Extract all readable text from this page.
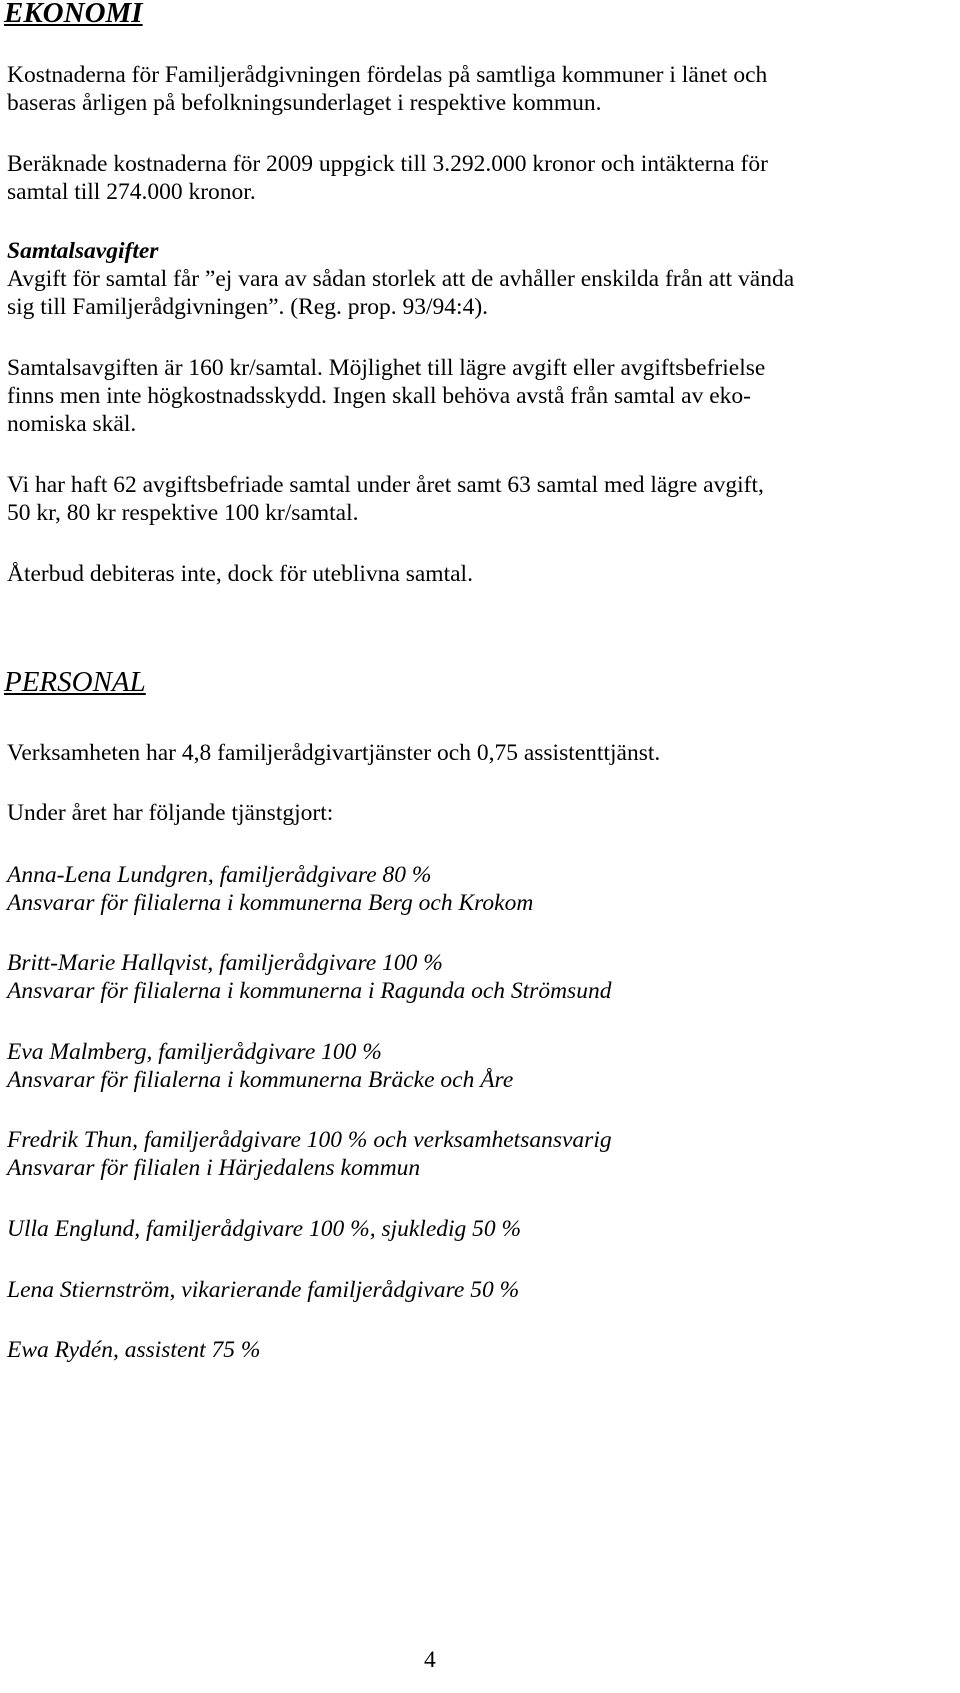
EKONOMI
Kostnaderna för Familjerådgivningen fördelas på samtliga kommuner i länet och
baseras årligen på befolkningsunderlaget i respektive kommun.
Beräknade kostnaderna för 2009 uppgick till 3.292.000 kronor och intäkterna för
samtal till 274.000 kronor.
Samtalsavgifter
Avgift för samtal får ”ej vara av sådan storlek att de avhåller enskilda från att vända
sig till Familjerådgivningen”. (Reg. prop. 93/94:4).
Samtalsavgiften är 160 kr/samtal. Möjlighet till lägre avgift eller avgiftsbefrielse
finns men inte högkostnadsskydd. Ingen skall behöva avstå från samtal av eko-
nomiska skäl.
Vi har haft 62 avgiftsbefriade samtal under året samt 63 samtal med lägre avgift,
50 kr, 80 kr respektive 100 kr/samtal.
Återbud debiteras inte, dock för uteblivna samtal.
PERSONAL
Verksamheten har 4,8 familjerådgivartjänster och 0,75 assistenttjänst.
Under året har följande tjänstgjort:
Anna-Lena Lundgren, familjerådgivare 80 %
Ansvarar för filialerna i kommunerna Berg och Krokom
Britt-Marie Hallqvist, familjerådgivare 100 %
Ansvarar för filialerna i kommunerna i Ragunda och Strömsund
Eva Malmberg, familjerådgivare 100 %
Ansvarar för filialerna i kommunerna Bräcke och Åre
Fredrik Thun, familjerådgivare 100 % och verksamhetsansvarig
Ansvarar för filialen i Härjedalens kommun
Ulla Englund, familjerådgivare 100 %, sjukledig 50 %
Lena Stiernström, vikarierande familjerådgivare 50 %
Ewa Rydén, assistent 75 %
4
